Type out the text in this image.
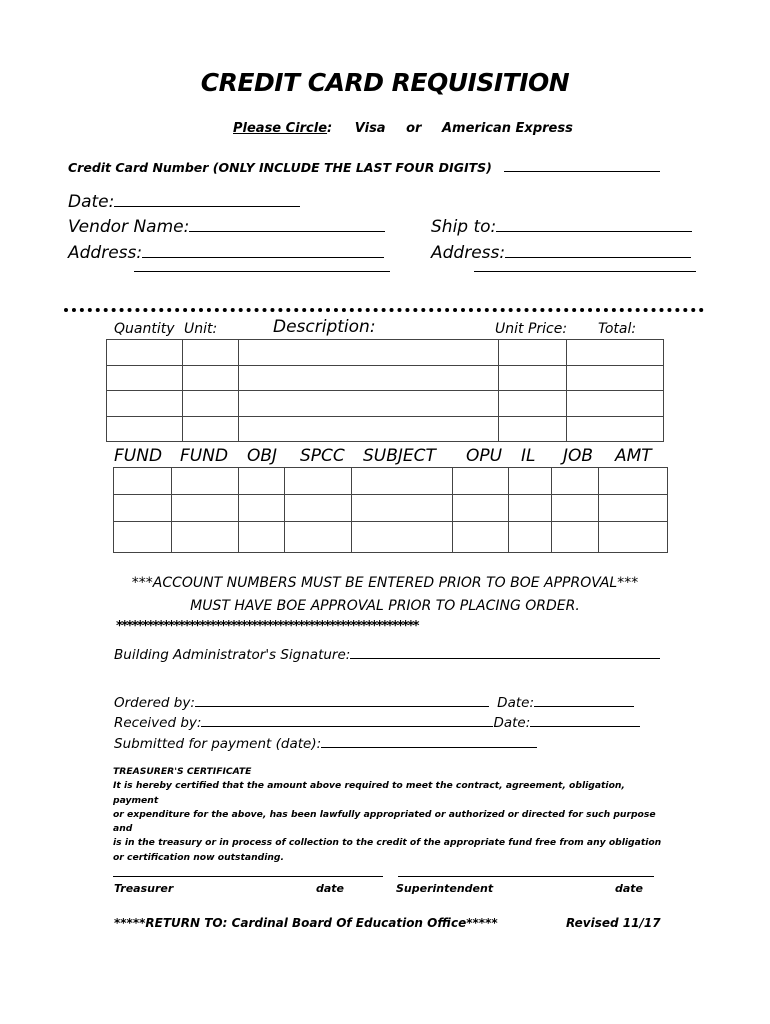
CREDIT CARD REQUISITION
Please Circle: Visa or American Express
Credit Card Number (ONLY INCLUDE THE LAST FOUR DIGITS)
Date:
Vendor Name:
Address:
Ship to:
Address:
Quantity Unit:	Description:	Unit Price: Total:

FUND FUND OBJ SPCC SUBJECT OPU IL JOB AMT

***ACCOUNT NUMBERS MUST BE ENTERED PRIOR TO BOE APPROVAL***
MUST HAVE BOE APPROVAL PRIOR TO PLACING ORDER.
**********************************************************
Building Administrator's Signature:
Ordered by:	Date:
Received by:	Date:
Submitted for payment (date):

TREASURER'S CERTIFICATE

It is hereby certified that the amount above required to meet the contract, agreement, obligation, payment

or expenditure for the above, has been lawfully appropriated or authorized or directed for such purpose and

is in the treasury or in process of collection to the credit of the appropriate fund free from any obligation

or certification now outstanding.

Treasurer	date	Superintendent	date
*****RETURN TO: Cardinal Board Of Education Office*****	Revised 11/17
